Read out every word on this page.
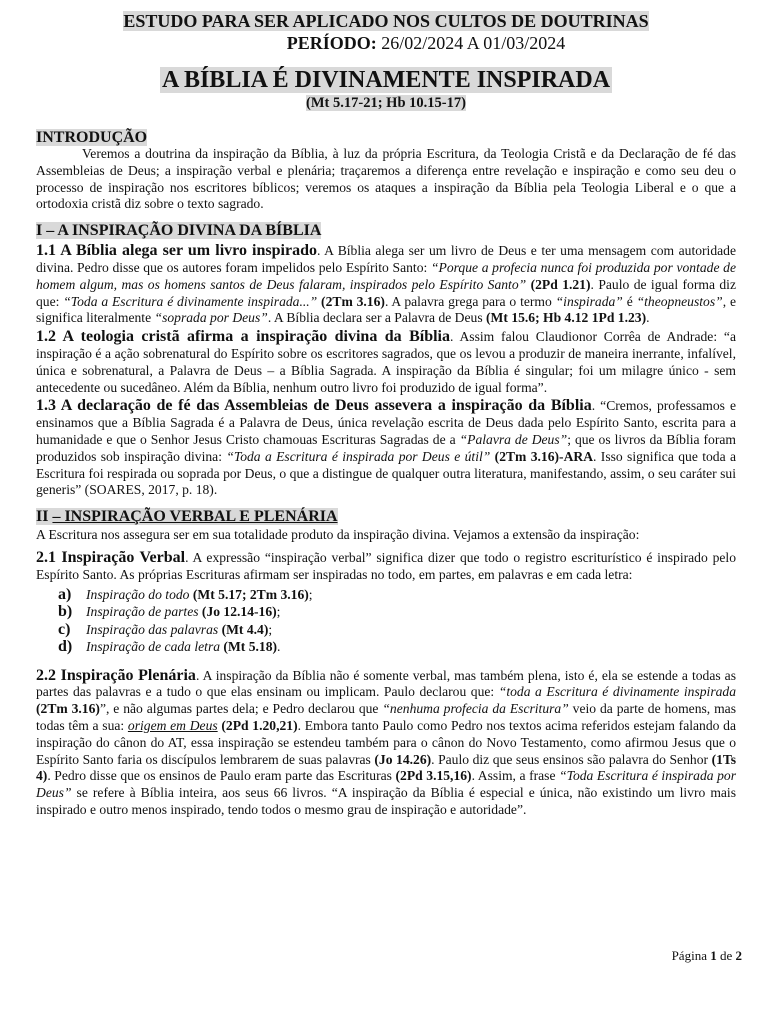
ESTUDO PARA SER APLICADO NOS CULTOS DE DOUTRINAS
PERÍODO: 26/02/2024 A 01/03/2024
A BÍBLIA É DIVINAMENTE INSPIRADA
(Mt 5.17-21; Hb 10.15-17)
INTRODUÇÃO

Veremos a doutrina da inspiração da Bíblia, à luz da própria Escritura, da Teologia Cristã e da Declaração de fé das Assembleias de Deus; a inspiração verbal e plenária; traçaremos a diferença entre revelação e inspiração e como seu deu o processo de inspiração nos escritores bíblicos; veremos os ataques a inspiração da Bíblia pela Teologia Liberal e o que a ortodoxia cristã diz sobre o texto sagrado.

I – A INSPIRAÇÃO DIVINA DA BÍBLIA

1.1 A Bíblia alega ser um livro inspirado. A Bíblia alega ser um livro de Deus e ter uma mensagem com autoridade divina. Pedro disse que os autores foram impelidos pelo Espírito Santo: “Porque a profecia nunca foi produzida por vontade de homem algum, mas os homens santos de Deus falaram, inspirados pelo Espírito Santo” (2Pd 1.21). Paulo de igual forma diz que: “Toda a Escritura é divinamente inspirada...” (2Tm 3.16). A palavra grega para o termo “inspirada” é “theopneustos”, e significa literalmente “soprada por Deus”. A Bíblia declara ser a Palavra de Deus (Mt 15.6; Hb 4.12 1Pd 1.23).

1.2 A teologia cristã afirma a inspiração divina da Bíblia. Assim falou Claudionor Corrêa de Andrade: “a inspiração é a ação sobrenatural do Espírito sobre os escritores sagrados, que os levou a produzir de maneira inerrante, infalível, única e sobrenatural, a Palavra de Deus – a Bíblia Sagrada. A inspiração da Bíblia é singular; foi um milagre único - sem antecedente ou sucedâneo. Além da Bíblia, nenhum outro livro foi produzido de igual forma”.

1.3 A declaração de fé das Assembleias de Deus assevera a inspiração da Bíblia. “Cremos, professamos e ensinamos que a Bíblia Sagrada é a Palavra de Deus, única revelação escrita de Deus dada pelo Espírito Santo, escrita para a humanidade e que o Senhor Jesus Cristo chamouas Escrituras Sagradas de a “Palavra de Deus”; que os livros da Bíblia foram produzidos sob inspiração divina: “Toda a Escritura é inspirada por Deus e útil” (2Tm 3.16)-ARA. Isso significa que toda a Escritura foi respirada ou soprada por Deus, o que a distingue de qualquer outra literatura, manifestando, assim, o seu caráter sui generis” (SOARES, 2017, p. 18).

II – INSPIRAÇÃO VERBAL E PLENÁRIA

A Escritura nos assegura ser em sua totalidade produto da inspiração divina. Vejamos a extensão da inspiração:

2.1 Inspiração Verbal. A expressão “inspiração verbal” significa dizer que todo o registro escriturístico é inspirado pelo Espírito Santo. As próprias Escrituras afirmam ser inspiradas no todo, em partes, em palavras e em cada letra:

a) Inspiração do todo (Mt 5.17; 2Tm 3.16);
b) Inspiração de partes (Jo 12.14-16);
c) Inspiração das palavras (Mt 4.4);
d) Inspiração de cada letra (Mt 5.18).

2.2 Inspiração Plenária. A inspiração da Bíblia não é somente verbal, mas também plena, isto é, ela se estende a todas as partes das palavras e a tudo o que elas ensinam ou implicam. Paulo declarou que: “toda a Escritura é divinamente inspirada (2Tm 3.16)”, e não algumas partes dela; e Pedro declarou que “nenhuma profecia da Escritura” veio da parte de homens, mas todas têm a sua: origem em Deus (2Pd 1.20,21). Embora tanto Paulo como Pedro nos textos acima referidos estejam falando da inspiração do cânon do AT, essa inspiração se estendeu também para o cânon do Novo Testamento, como afirmou Jesus que o Espírito Santo faria os discípulos lembrarem de suas palavras (Jo 14.26). Paulo diz que seus ensinos são palavra do Senhor (1Ts 4). Pedro disse que os ensinos de Paulo eram parte das Escrituras (2Pd 3.15,16). Assim, a frase “Toda Escritura é inspirada por Deus” se refere à Bíblia inteira, aos seus 66 livros. “A inspiração da Bíblia é especial e única, não existindo um livro mais inspirado e outro menos inspirado, tendo todos o mesmo grau de inspiração e autoridade”.

Página 1 de 2
